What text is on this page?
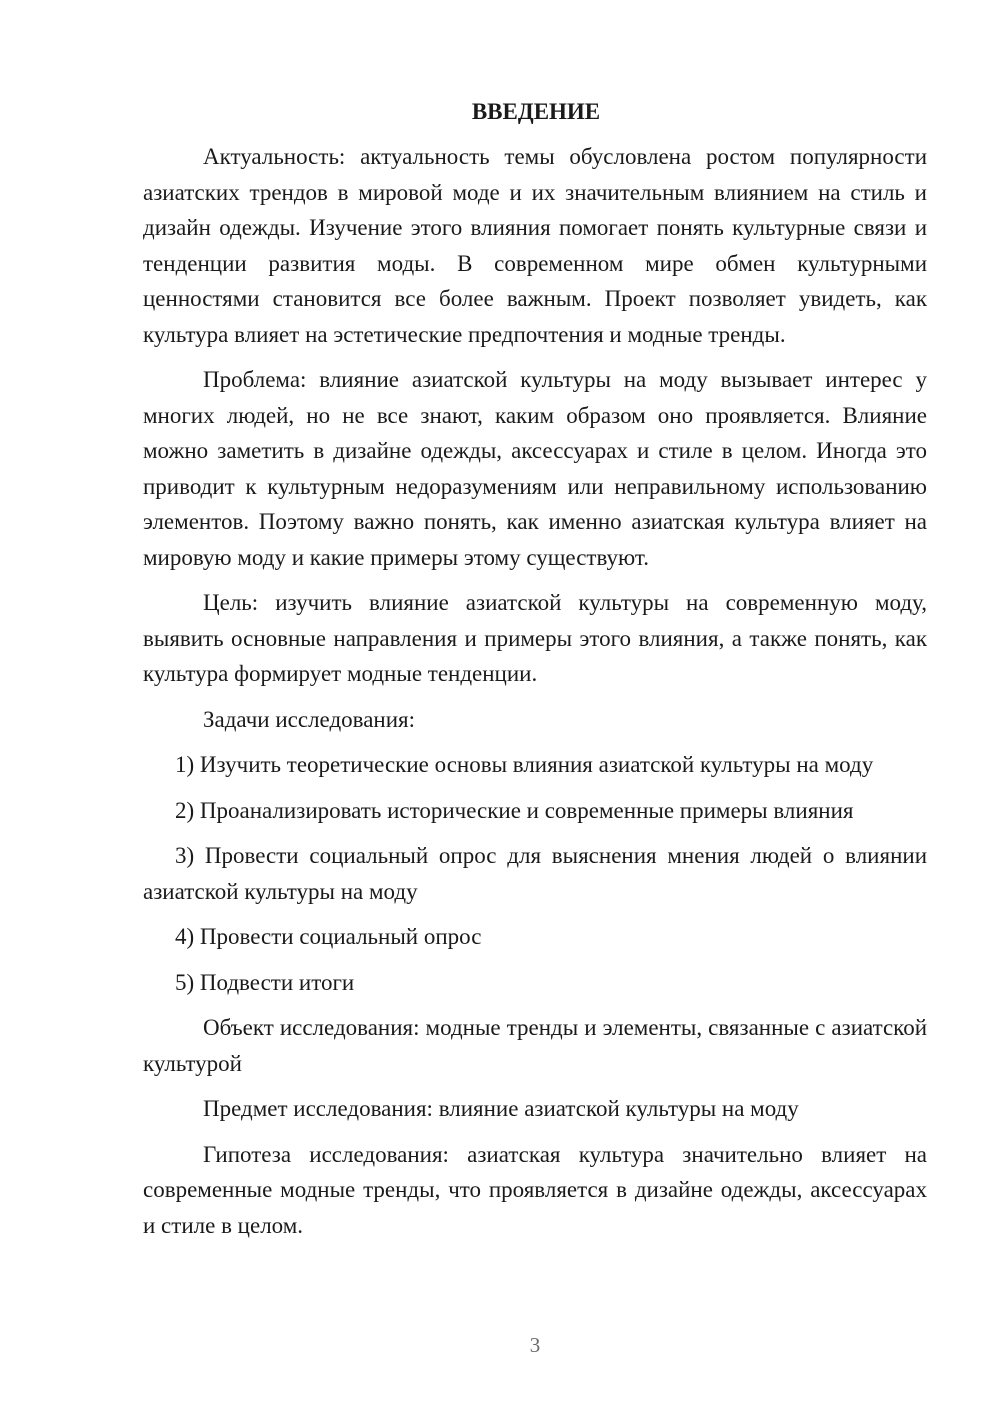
ВВЕДЕНИЕ
Актуальность: актуальность темы обусловлена ростом популярности азиатских трендов в мировой моде и их значительным влиянием на стиль и дизайн одежды. Изучение этого влияния помогает понять культурные связи и тенденции развития моды. В современном мире обмен культурными ценностями становится все более важным. Проект позволяет увидеть, как культура влияет на эстетические предпочтения и модные тренды.
Проблема: влияние азиатской культуры на моду вызывает интерес у многих людей, но не все знают, каким образом оно проявляется. Влияние можно заметить в дизайне одежды, аксессуарах и стиле в целом. Иногда это приводит к культурным недоразумениям или неправильному использованию элементов. Поэтому важно понять, как именно азиатская культура влияет на мировую моду и какие примеры этому существуют.
Цель: изучить влияние азиатской культуры на современную моду, выявить основные направления и примеры этого влияния, а также понять, как культура формирует модные тенденции.
Задачи исследования:
1) Изучить теоретические основы влияния азиатской культуры на моду
2) Проанализировать исторические и современные примеры влияния
3) Провести социальный опрос для выяснения мнения людей о влиянии азиатской культуры на моду
4) Провести социальный опрос
5) Подвести итоги
Объект исследования: модные тренды и элементы, связанные с азиатской культурой
Предмет исследования: влияние азиатской культуры на моду
Гипотеза исследования: азиатская культура значительно влияет на современные модные тренды, что проявляется в дизайне одежды, аксессуарах и стиле в целом.
3
